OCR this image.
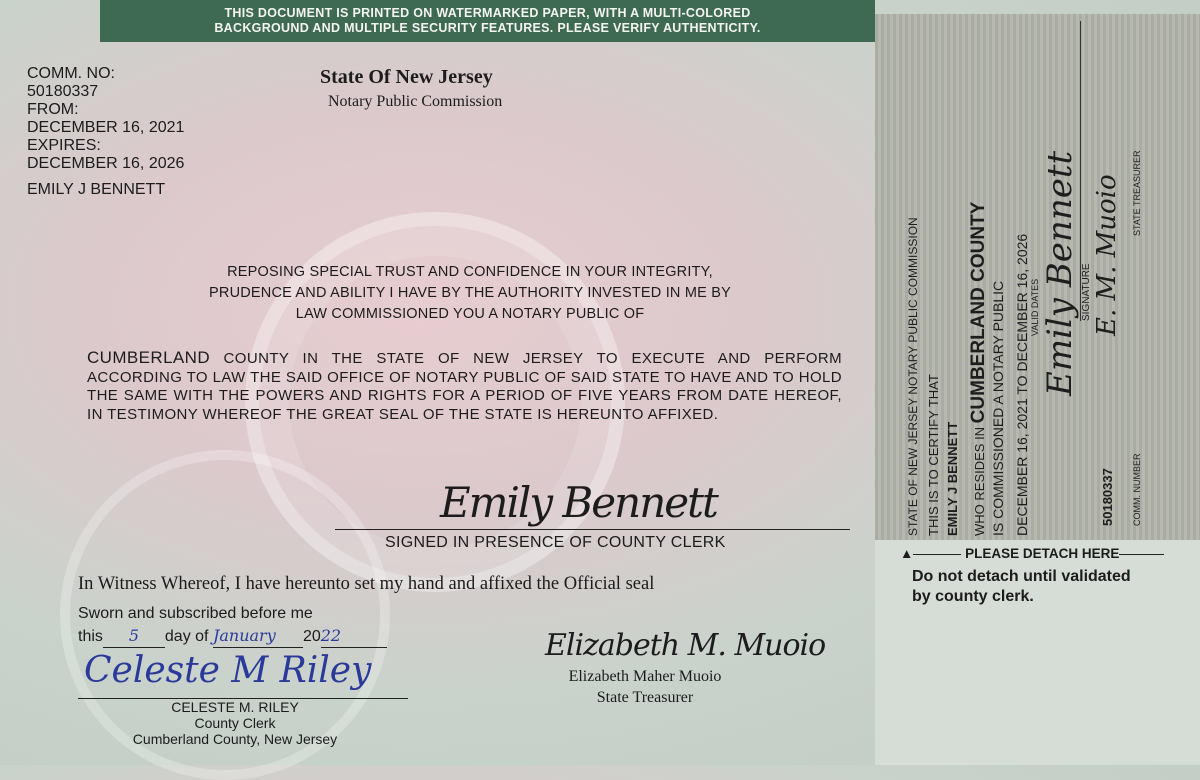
THIS DOCUMENT IS PRINTED ON WATERMARKED PAPER, WITH A MULTI-COLORED
BACKGROUND AND MULTIPLE SECURITY FEATURES. PLEASE VERIFY AUTHENTICITY.
COMM. NO:
50180337
FROM:
DECEMBER 16, 2021
EXPIRES:
DECEMBER 16, 2026
EMILY J BENNETT
State Of New Jersey
Notary Public Commission
REPOSING SPECIAL TRUST AND CONFIDENCE IN YOUR INTEGRITY,
PRUDENCE AND ABILITY I HAVE BY THE AUTHORITY INVESTED IN ME BY
LAW COMMISSIONED YOU A NOTARY PUBLIC OF
CUMBERLAND COUNTY IN THE STATE OF NEW JERSEY TO EXECUTE AND PERFORM ACCORDING TO LAW THE SAID OFFICE OF NOTARY PUBLIC OF SAID STATE TO HAVE AND TO HOLD THE SAME WITH THE POWERS AND RIGHTS FOR A PERIOD OF FIVE YEARS FROM DATE HEREOF, IN TESTIMONY WHEREOF THE GREAT SEAL OF THE STATE IS HEREUNTO AFFIXED.
Emily Bennett
SIGNED IN PRESENCE OF COUNTY CLERK
In Witness Whereof, I have hereunto set my hand and affixed the Official seal
Sworn and subscribed before me
this 5 day of January 2022
Celeste M Riley
CELESTE M. RILEY
County Clerk
Cumberland County, New Jersey
Elizabeth M. Muoio
Elizabeth Maher Muoio
State Treasurer
STATE OF NEW JERSEY NOTARY PUBLIC COMMISSION THIS IS TO CERTIFY THAT EMILY J BENNETT WHO RESIDES IN CUMBERLAND COUNTY IS COMMISSIONED A NOTARY PUBLIC DECEMBER 16, 2021 TO DECEMBER 16, 2026 VALID DATES Emily Bennett SIGNATURE
50180337
E. M. Muoio
COMM. NUMBER
STATE TREASURER
▲	PLEASE DETACH HERE
Do not detach until validated
by county clerk.
